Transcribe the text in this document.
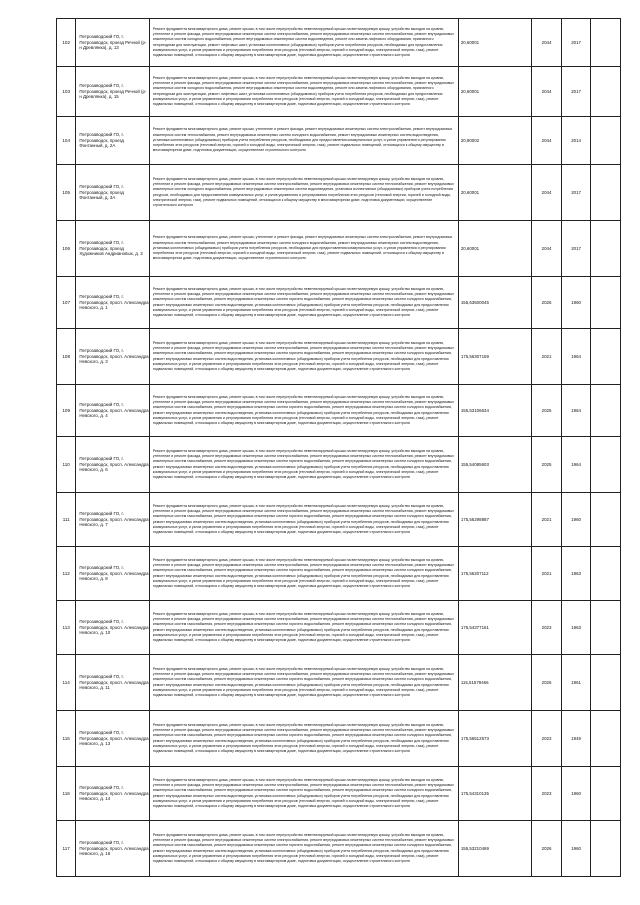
102	Петрозаводский ГО, г. Петрозаводск, проезд Речной (р-н Древлянка), д. 13	Ремонт фундамента многоквартирного дома, ремонт крыши, в том числе переустройство невентилируемой крыши на вентилируемую крышу, устройство выходов на кровлю, утепление и ремонт фасада, ремонт внутридомовых инженерных систем электроснабжения, ремонт внутридомовых инженерных систем теплоснабжения, ремонт внутридомовых инженерных систем холодного водоснабжения, ремонт внутридомовых инженерных систем водоотведения, ремонт или замена лифтового оборудования, признанного непригодным для эксплуатации, ремонт лифтовых шахт, установка коллективных (общедомовых) приборов учета потребления ресурсов, необходимых для предоставления коммунальных услуг, и узлов управления и регулирования потребления этих ресурсов (тепловой энергии, горячей и холодной воды, электрической энергии, газа), ремонт подвальных помещений, относящихся к общему имуществу в многоквартирном доме, подготовка документации, осуществление строительного контроля	20,60001	2044	2017	
103	Петрозаводский ГО, г. Петрозаводск, проезд Речной (р-н Древлянка), д. 15	Ремонт фундамента многоквартирного дома, ремонт крыши, в том числе переустройство невентилируемой крыши на вентилируемую крышу, устройство выходов на кровлю, утепление и ремонт фасада, ремонт внутридомовых инженерных систем электроснабжения, ремонт внутридомовых инженерных систем теплоснабжения, ремонт внутридомовых инженерных систем холодного водоснабжения, ремонт внутридомовых инженерных систем водоотведения, ремонт или замена лифтового оборудования, признанного непригодным для эксплуатации, ремонт лифтовых шахт, установка коллективных (общедомовых) приборов учета потребления ресурсов, необходимых для предоставления коммунальных услуг, и узлов управления и регулирования потребления этих ресурсов (тепловой энергии, горячей и холодной воды, электрической энергии, газа), ремонт подвальных помещений, относящихся к общему имуществу в многоквартирном доме, подготовка документации, осуществление строительного контроля	20,60001	2044	2017	
104	Петрозаводский ГО, г. Петрозаводск, проезд Фонтанный, д. 2А	Ремонт фундамента многоквартирного дома, ремонт крыши, утепление и ремонт фасада, ремонт внутридомовых инженерных систем электроснабжения, ремонт внутридомовых инженерных систем теплоснабжения, ремонт внутридомовых инженерных систем холодного водоснабжения, ремонт внутридомовых инженерных систем водоотведения, установка коллективных (общедомовых) приборов учета потребления ресурсов, необходимых для предоставления коммунальных услуг, и узлов управления и регулирования потребления этих ресурсов (тепловой энергии, горячей и холодной воды, электрической энергии, газа), ремонт подвальных помещений, относящихся к общему имуществу в многоквартирном доме, подготовка документации, осуществление строительного контроля	20,90002	2044	2014	
105	Петрозаводский ГО, г. Петрозаводск, проезд Фонтанный, д. 3А	Ремонт фундамента многоквартирного дома, ремонт крыши, в том числе переустройство невентилируемой крыши на вентилируемую крышу, устройство выходов на кровлю, утепление и ремонт фасада, ремонт внутридомовых инженерных систем электроснабжения, ремонт внутридомовых инженерных систем теплоснабжения, ремонт внутридомовых инженерных систем холодного водоснабжения, ремонт внутридомовых инженерных систем водоотведения, установка коллективных (общедомовых) приборов учета потребления ресурсов, необходимых для предоставления коммунальных услуг, и узлов управления и регулирования потребления этих ресурсов (тепловой энергии, горячей и холодной воды, электрической энергии, газа), ремонт подвальных помещений, относящихся к общему имуществу в многоквартирном доме, подготовка документации, осуществление строительного контроля	20,60001	2044	2017	
106	Петрозаводский ГО, г. Петрозаводск, проезд Художников Андриановых, д. 3	Ремонт фундамента многоквартирного дома, ремонт крыши, утепление и ремонт фасада, ремонт внутридомовых инженерных систем электроснабжения, ремонт внутридомовых инженерных систем теплоснабжения, ремонт внутридомовых инженерных систем холодного водоснабжения, ремонт внутридомовых инженерных систем водоотведения, установка коллективных (общедомовых) приборов учета потребления ресурсов, необходимых для предоставления коммунальных услуг, и узлов управления и регулирования потребления этих ресурсов (тепловой энергии, горячей и холодной воды, электрической энергии, газа), ремонт подвальных помещений, относящихся к общему имуществу в многоквартирном доме, подготовка документации, осуществление строительного контроля	20,60001	2044	2017	
107	Петрозаводский ГО, г. Петрозаводск, просп. Александра Невского, д. 1	Ремонт фундамента многоквартирного дома, ремонт крыши, в том числе переустройство невентилируемой крыши на вентилируемую крышу, устройство выходов на кровлю, утепление и ремонт фасада, ремонт внутридомовых инженерных систем электроснабжения, ремонт внутридомовых инженерных систем теплоснабжения, ремонт внутридомовых инженерных систем газоснабжения, ремонт внутридомовых инженерных систем горячего водоснабжения, ремонт внутридомовых инженерных систем холодного водоснабжения, ремонт внутридомовых инженерных систем водоотведения, установка коллективных (общедомовых) приборов учета потребления ресурсов, необходимых для предоставления коммунальных услуг, и узлов управления и регулирования потребления этих ресурсов (тепловой энергии, горячей и холодной воды, электрической энергии, газа), ремонт подвальных помещений, относящихся к общему имуществу в многоквартирном доме, подготовка документации, осуществление строительного контроля	155,63500045	2026	1960	
108	Петрозаводский ГО, г. Петрозаводск, просп. Александра Невского, д. 3	Ремонт фундамента многоквартирного дома, ремонт крыши, в том числе переустройство невентилируемой крыши на вентилируемую крышу, устройство выходов на кровлю, утепление и ремонт фасада, ремонт внутридомовых инженерных систем электроснабжения, ремонт внутридомовых инженерных систем теплоснабжения, ремонт внутридомовых инженерных систем газоснабжения, ремонт внутридомовых инженерных систем горячего водоснабжения, ремонт внутридомовых инженерных систем холодного водоснабжения, ремонт внутридомовых инженерных систем водоотведения, установка коллективных (общедомовых) приборов учета потребления ресурсов, необходимых для предоставления коммунальных услуг, и узлов управления и регулирования потребления этих ресурсов (тепловой энергии, горячей и холодной воды, электрической энергии, газа), ремонт подвальных помещений, относящихся к общему имуществу в многоквартирном доме, подготовка документации, осуществление строительного контроля	175,56307159	2021	1964	
109	Петрозаводский ГО, г. Петрозаводск, просп. Александра Невского, д. 4	Ремонт фундамента многоквартирного дома, ремонт крыши, в том числе переустройство невентилируемой крыши на вентилируемую крышу, устройство выходов на кровлю, утепление и ремонт фасада, ремонт внутридомовых инженерных систем электроснабжения, ремонт внутридомовых инженерных систем теплоснабжения, ремонт внутридомовых инженерных систем газоснабжения, ремонт внутридомовых инженерных систем горячего водоснабжения, ремонт внутридомовых инженерных систем холодного водоснабжения, ремонт внутридомовых инженерных систем водоотведения, установка коллективных (общедомовых) приборов учета потребления ресурсов, необходимых для предоставления коммунальных услуг, и узлов управления и регулирования потребления этих ресурсов (тепловой энергии, горячей и холодной воды, электрической энергии, газа), ремонт подвальных помещений, относящихся к общему имуществу в многоквартирном доме, подготовка документации, осуществление строительного контроля	155,53106634	2025	1964	
110	Петрозаводский ГО, г. Петрозаводск, просп. Александра Невского, д. 6	Ремонт фундамента многоквартирного дома, ремонт крыши, в том числе переустройство невентилируемой крыши на вентилируемую крышу, устройство выходов на кровлю, утепление и ремонт фасада, ремонт внутридомовых инженерных систем электроснабжения, ремонт внутридомовых инженерных систем теплоснабжения, ремонт внутридомовых инженерных систем газоснабжения, ремонт внутридомовых инженерных систем горячего водоснабжения, ремонт внутридомовых инженерных систем холодного водоснабжения, ремонт внутридомовых инженерных систем водоотведения, установка коллективных (общедомовых) приборов учета потребления ресурсов, необходимых для предоставления коммунальных услуг, и узлов управления и регулирования потребления этих ресурсов (тепловой энергии, горячей и холодной воды, электрической энергии, газа), ремонт подвальных помещений, относящихся к общему имуществу в многоквартирном доме, подготовка документации, осуществление строительного контроля	155,54085603	2025	1964	
111	Петрозаводский ГО, г. Петрозаводск, просп. Александра Невского, д. 7	Ремонт фундамента многоквартирного дома, ремонт крыши, в том числе переустройство невентилируемой крыши на вентилируемую крышу, устройство выходов на кровлю, утепление и ремонт фасада, ремонт внутридомовых инженерных систем электроснабжения, ремонт внутридомовых инженерных систем теплоснабжения, ремонт внутридомовых инженерных систем газоснабжения, ремонт внутридомовых инженерных систем горячего водоснабжения, ремонт внутридомовых инженерных систем холодного водоснабжения, ремонт внутридомовых инженерных систем водоотведения, установка коллективных (общедомовых) приборов учета потребления ресурсов, необходимых для предоставления коммунальных услуг, и узлов управления и регулирования потребления этих ресурсов (тепловой энергии, горячей и холодной воды, электрической энергии, газа), ремонт подвальных помещений, относящихся к общему имуществу в многоквартирном доме, подготовка документации, осуществление строительного контроля	175,56298887	2021	1960	
112	Петрозаводский ГО, г. Петрозаводск, просп. Александра Невского, д. 8	Ремонт фундамента многоквартирного дома, ремонт крыши, в том числе переустройство невентилируемой крыши на вентилируемую крышу, устройство выходов на кровлю, утепление и ремонт фасада, ремонт внутридомовых инженерных систем электроснабжения, ремонт внутридомовых инженерных систем теплоснабжения, ремонт внутридомовых инженерных систем газоснабжения, ремонт внутридомовых инженерных систем горячего водоснабжения, ремонт внутридомовых инженерных систем холодного водоснабжения, ремонт внутридомовых инженерных систем водоотведения, установка коллективных (общедомовых) приборов учета потребления ресурсов, необходимых для предоставления коммунальных услуг, и узлов управления и регулирования потребления этих ресурсов (тепловой энергии, горячей и холодной воды, электрической энергии, газа), ремонт подвальных помещений, относящихся к общему имуществу в многоквартирном доме, подготовка документации, осуществление строительного контроля	175,56207112	2021	1963	
113	Петрозаводский ГО, г. Петрозаводск, просп. Александра Невского, д. 10	Ремонт фундамента многоквартирного дома, ремонт крыши, в том числе переустройство невентилируемой крыши на вентилируемую крышу, устройство выходов на кровлю, утепление и ремонт фасада, ремонт внутридомовых инженерных систем электроснабжения, ремонт внутридомовых инженерных систем теплоснабжения, ремонт внутридомовых инженерных систем газоснабжения, ремонт внутридомовых инженерных систем горячего водоснабжения, ремонт внутридомовых инженерных систем холодного водоснабжения, ремонт внутридомовых инженерных систем водоотведения, установка коллективных (общедомовых) приборов учета потребления ресурсов, необходимых для предоставления коммунальных услуг, и узлов управления и регулирования потребления этих ресурсов (тепловой энергии, горячей и холодной воды, электрической энергии, газа), ремонт подвальных помещений, относящихся к общему имуществу в многоквартирном доме, подготовка документации, осуществление строительного контроля	175,54377161	2023	1963	
114	Петрозаводский ГО, г. Петрозаводск, просп. Александра Невского, д. 11	Ремонт фундамента многоквартирного дома, ремонт крыши, в том числе переустройство невентилируемой крыши на вентилируемую крышу, устройство выходов на кровлю, утепление и ремонт фасада, ремонт внутридомовых инженерных систем электроснабжения, ремонт внутридомовых инженерных систем теплоснабжения, ремонт внутридомовых инженерных систем газоснабжения, ремонт внутридомовых инженерных систем горячего водоснабжения, ремонт внутридомовых инженерных систем холодного водоснабжения, ремонт внутридомовых инженерных систем водоотведения, установка коллективных (общедомовых) приборов учета потребления ресурсов, необходимых для предоставления коммунальных услуг, и узлов управления и регулирования потребления этих ресурсов (тепловой энергии, горячей и холодной воды, электрической энергии, газа), ремонт подвальных помещений, относящихся к общему имуществу в многоквартирном доме, подготовка документации, осуществление строительного контроля	115,51579466	2026	1961	
115	Петрозаводский ГО, г. Петрозаводск, просп. Александра Невского, д. 13	Ремонт фундамента многоквартирного дома, ремонт крыши, в том числе переустройство невентилируемой крыши на вентилируемую крышу, устройство выходов на кровлю, утепление и ремонт фасада, ремонт внутридомовых инженерных систем электроснабжения, ремонт внутридомовых инженерных систем теплоснабжения, ремонт внутридомовых инженерных систем газоснабжения, ремонт внутридомовых инженерных систем горячего водоснабжения, ремонт внутридомовых инженерных систем холодного водоснабжения, ремонт внутридомовых инженерных систем водоотведения, установка коллективных (общедомовых) приборов учета потребления ресурсов, необходимых для предоставления коммунальных услуг, и узлов управления и регулирования потребления этих ресурсов (тепловой энергии, горячей и холодной воды, электрической энергии, газа), ремонт подвальных помещений, относящихся к общему имуществу в многоквартирном доме, подготовка документации, осуществление строительного контроля	175,56512573	2023	1949	
116	Петрозаводский ГО, г. Петрозаводск, просп. Александра Невского, д. 14	Ремонт фундамента многоквартирного дома, ремонт крыши, в том числе переустройство невентилируемой крыши на вентилируемую крышу, устройство выходов на кровлю, утепление и ремонт фасада, ремонт внутридомовых инженерных систем электроснабжения, ремонт внутридомовых инженерных систем теплоснабжения, ремонт внутридомовых инженерных систем газоснабжения, ремонт внутридомовых инженерных систем горячего водоснабжения, ремонт внутридомовых инженерных систем холодного водоснабжения, ремонт внутридомовых инженерных систем водоотведения, установка коллективных (общедомовых) приборов учета потребления ресурсов, необходимых для предоставления коммунальных услуг, и узлов управления и регулирования потребления этих ресурсов (тепловой энергии, горячей и холодной воды, электрической энергии, газа), ремонт подвальных помещений, относящихся к общему имуществу в многоквартирном доме, подготовка документации, осуществление строительного контроля	175,54310135	2023	1960	
117	Петрозаводский ГО, г. Петрозаводск, просп. Александра Невского, д. 16	Ремонт фундамента многоквартирного дома, ремонт крыши, в том числе переустройство невентилируемой крыши на вентилируемую крышу, устройство выходов на кровлю, утепление и ремонт фасада, ремонт внутридомовых инженерных систем электроснабжения, ремонт внутридомовых инженерных систем теплоснабжения, ремонт внутридомовых инженерных систем газоснабжения, ремонт внутридомовых инженерных систем горячего водоснабжения, ремонт внутридомовых инженерных систем холодного водоснабжения, ремонт внутридомовых инженерных систем водоотведения, установка коллективных (общедомовых) приборов учета потребления ресурсов, необходимых для предоставления коммунальных услуг, и узлов управления и регулирования потребления этих ресурсов (тепловой энергии, горячей и холодной воды, электрической энергии, газа), ремонт подвальных помещений, относящихся к общему имуществу в многоквартирном доме, подготовка документации, осуществление строительного контроля	155,53210469	2026	1960	
